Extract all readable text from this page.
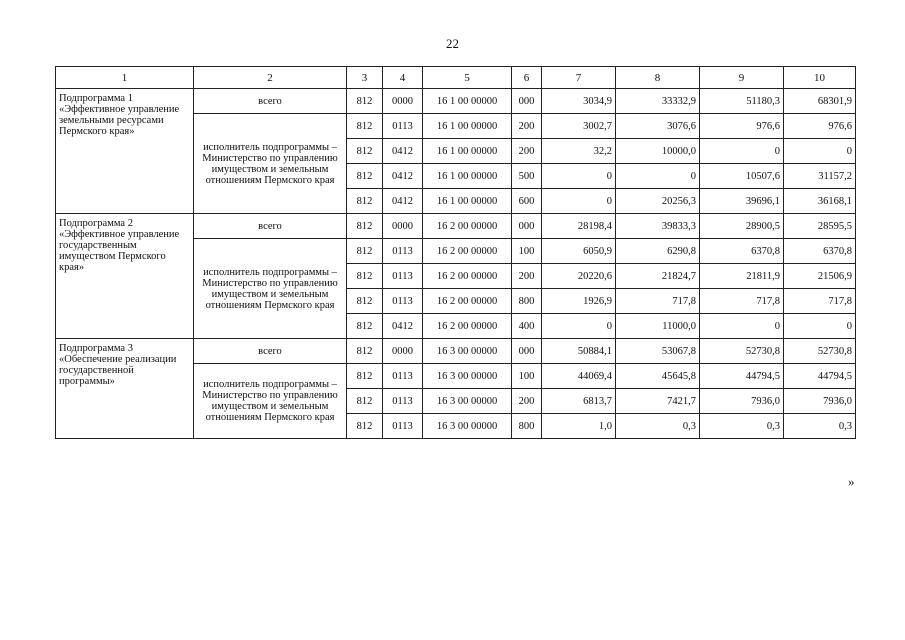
22
1	2	3	4	5	6	7	8	9	10
Подпрограмма 1 «Эффективное управление земельными ресурсами Пермского края»	всего	812	0000	16 1 00 00000	000	3034,9	33332,9	51180,3	68301,9
	исполнитель подпрограммы – Министерство по управлению имуществом и земельным отношениям Пермского края	812	0113	16 1 00 00000	200	3002,7	3076,6	976,6	976,6
		812	0412	16 1 00 00000	200	32,2	10000,0	0	0
		812	0412	16 1 00 00000	500	0	0	10507,6	31157,2
		812	0412	16 1 00 00000	600	0	20256,3	39696,1	36168,1
Подпрограмма 2 «Эффективное управление государственным имуществом Пермского края»	всего	812	0000	16 2 00 00000	000	28198,4	39833,3	28900,5	28595,5
	исполнитель подпрограммы – Министерство по управлению имуществом и земельным отношениям Пермского края	812	0113	16 2 00 00000	100	6050,9	6290,8	6370,8	6370,8
		812	0113	16 2 00 00000	200	20220,6	21824,7	21811,9	21506,9
		812	0113	16 2 00 00000	800	1926,9	717,8	717,8	717,8
		812	0412	16 2 00 00000	400	0	11000,0	0	0
Подпрограмма 3 «Обеспечение реализации государственной программы»	всего	812	0000	16 3 00 00000	000	50884,1	53067,8	52730,8	52730,8
	исполнитель подпрограммы – Министерство по управлению имуществом и земельным отношениям Пермского края	812	0113	16 3 00 00000	100	44069,4	45645,8	44794,5	44794,5
		812	0113	16 3 00 00000	200	6813,7	7421,7	7936,0	7936,0
		812	0113	16 3 00 00000	800	1,0	0,3	0,3	0,3
»
